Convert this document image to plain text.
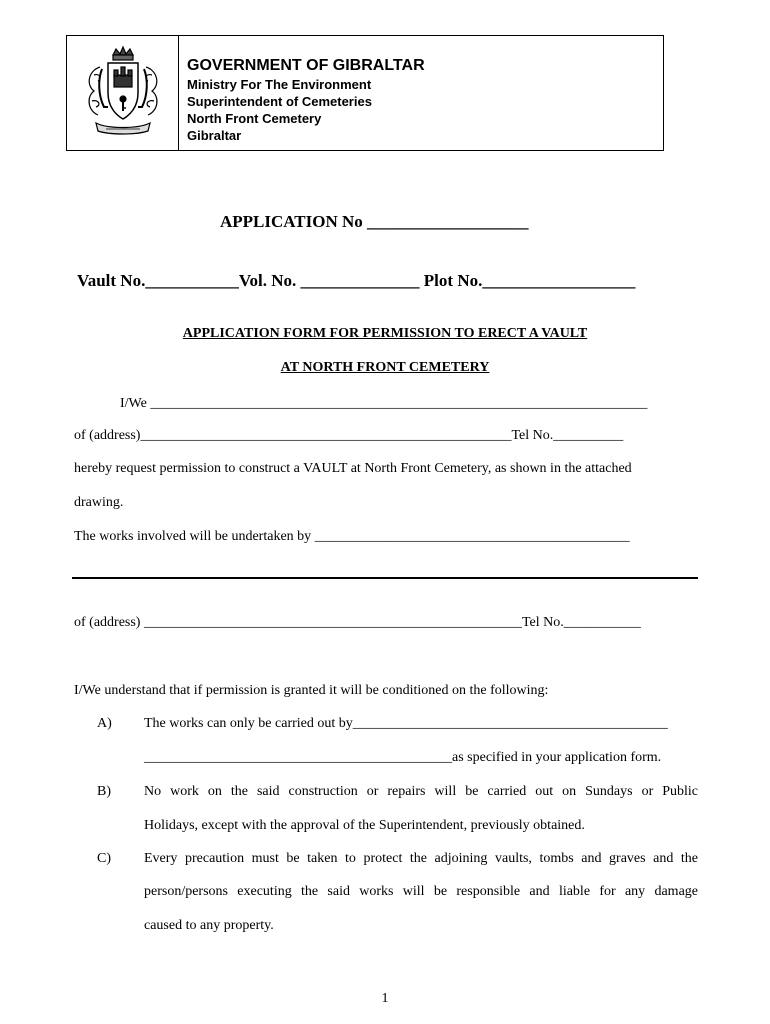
GOVERNMENT OF GIBRALTAR
Ministry For The Environment
Superintendent of Cemeteries
North Front Cemetery
Gibraltar
APPLICATION No ___________________
Vault No.___________Vol. No. ______________ Plot No.__________________
APPLICATION FORM FOR PERMISSION TO ERECT A VAULT
AT NORTH FRONT CEMETERY
I/We _______________________________________________________________________
of (address)_____________________________________________________Tel No.__________
hereby request permission to construct a VAULT at North Front Cemetery, as shown in the attached
drawing.
The works involved will be undertaken by _____________________________________________
of (address) ______________________________________________________Tel No.___________
I/We understand that if permission is granted it will be conditioned on the following:
A) The works can only be carried out by_____________________________________________
____________________________________________as specified in your application form.
B) No work on the said construction or repairs will be carried out on Sundays or Public
Holidays, except with the approval of the Superintendent, previously obtained.
C) Every precaution must be taken to protect the adjoining vaults, tombs and graves and the
person/persons executing the said works will be responsible and liable for any damage
caused to any property.
1
